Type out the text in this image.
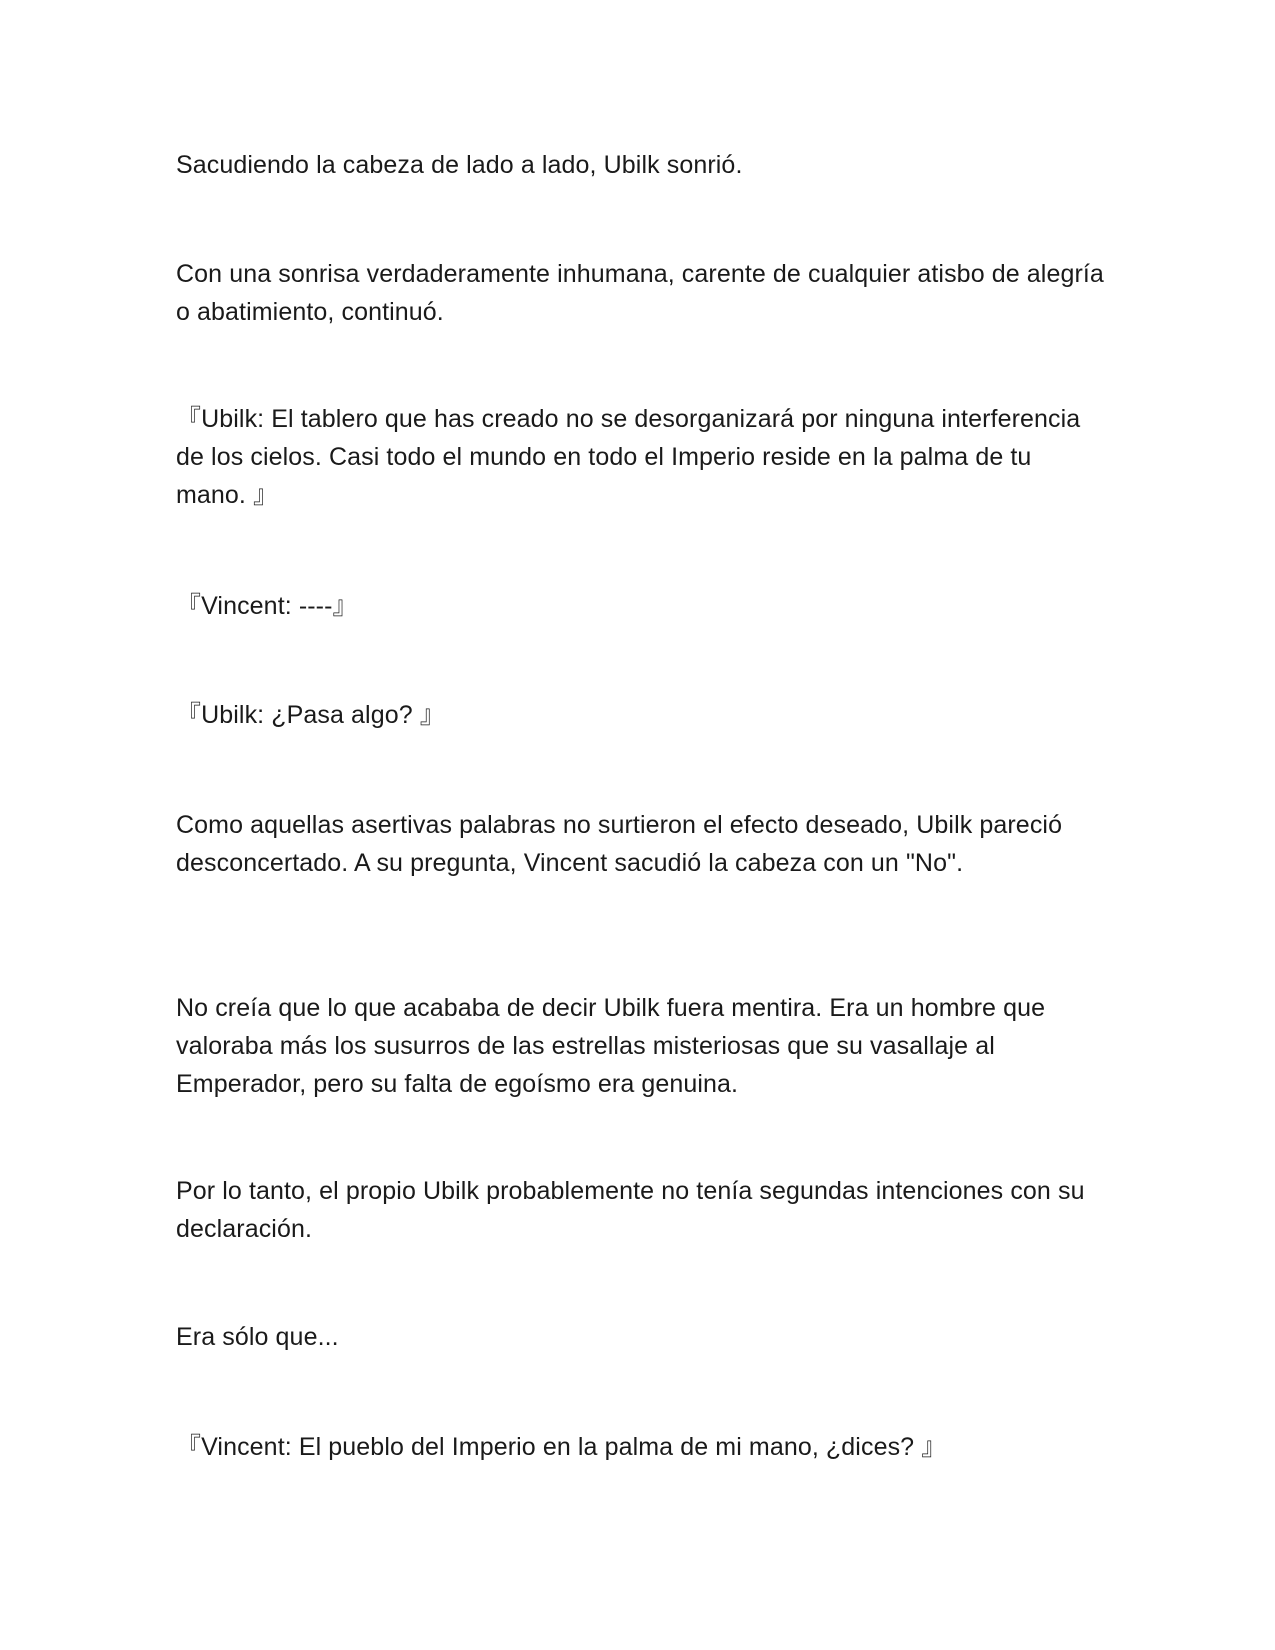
Sacudiendo la cabeza de lado a lado, Ubilk sonrió.

Con una sonrisa verdaderamente inhumana, carente de cualquier atisbo de alegría o abatimiento, continuó.

『Ubilk: El tablero que has creado no se desorganizará por ninguna interferencia de los cielos. Casi todo el mundo en todo el Imperio reside en la palma de tu mano. 』

『Vincent: ----』

『Ubilk: ¿Pasa algo? 』

Como aquellas asertivas palabras no surtieron el efecto deseado, Ubilk pareció desconcertado. A su pregunta, Vincent sacudió la cabeza con un "No".

No creía que lo que acababa de decir Ubilk fuera mentira. Era un hombre que valoraba más los susurros de las estrellas misteriosas que su vasallaje al Emperador, pero su falta de egoísmo era genuina.

Por lo tanto, el propio Ubilk probablemente no tenía segundas intenciones con su declaración.

Era sólo que...

『Vincent: El pueblo del Imperio en la palma de mi mano, ¿dices? 』
